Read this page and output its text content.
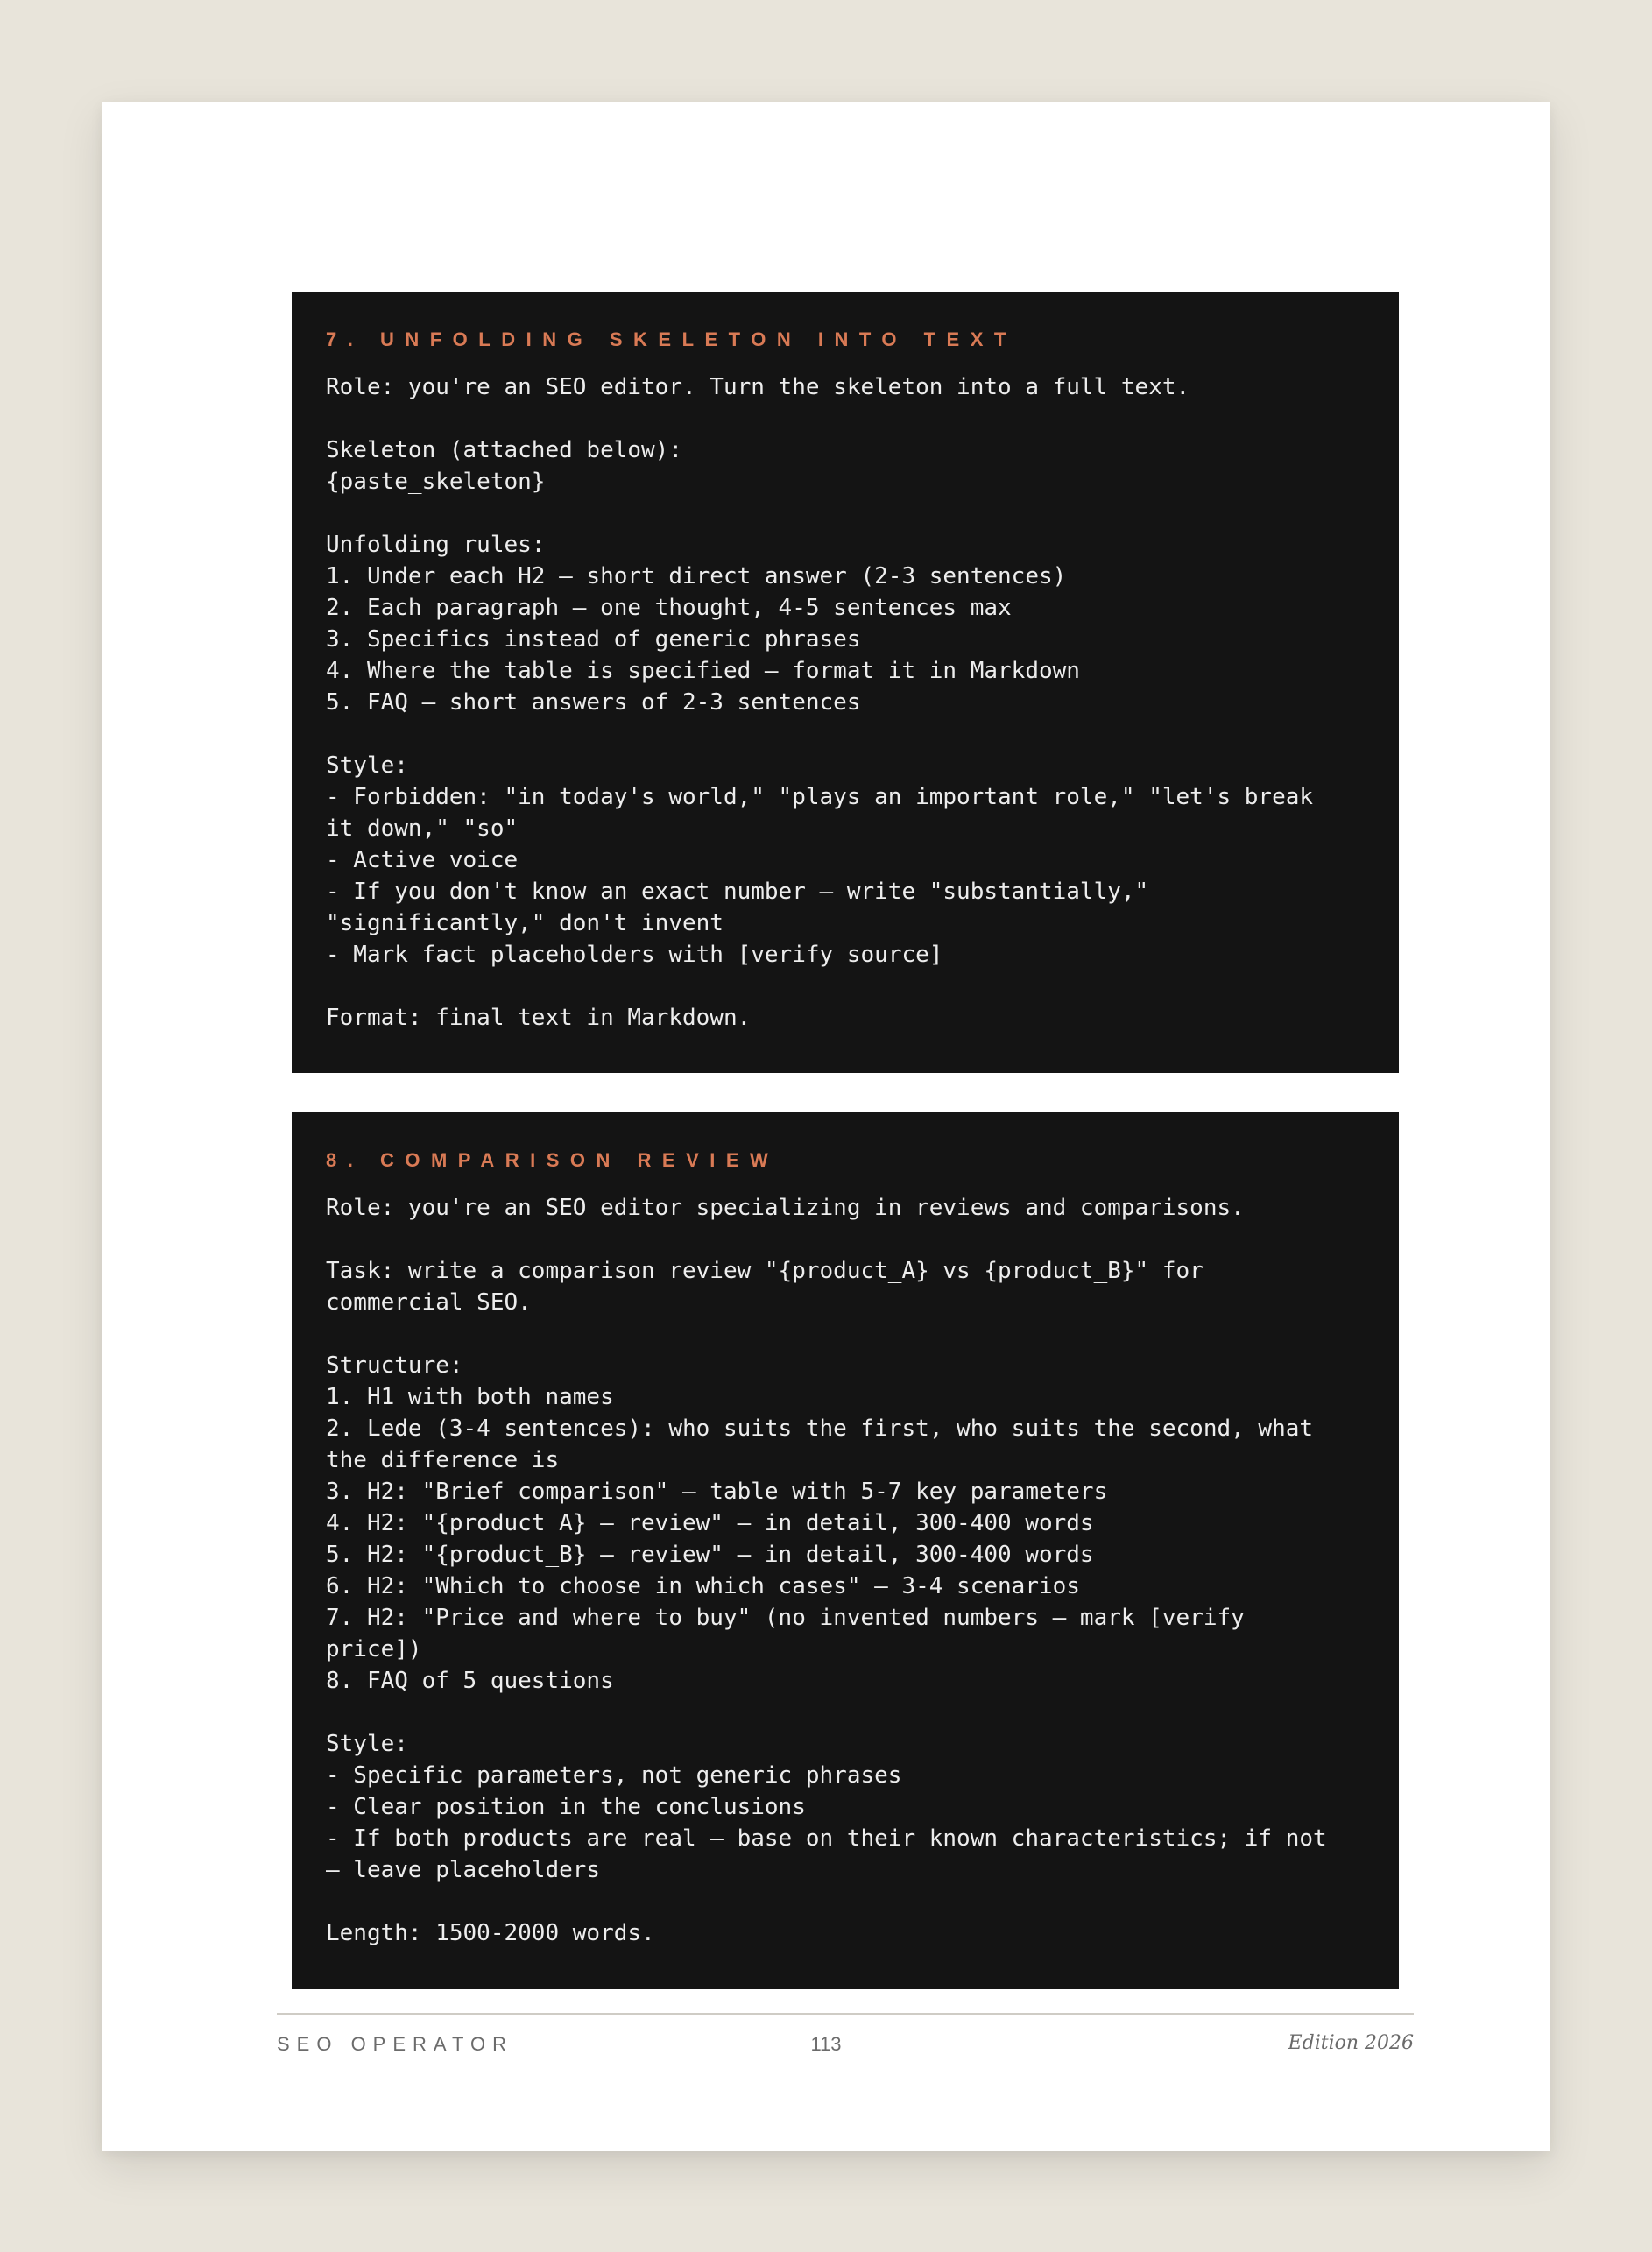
7. UNFOLDING SKELETON INTO TEXT
Role: you're an SEO editor. Turn the skeleton into a full text.

Skeleton (attached below):
{paste_skeleton}

Unfolding rules:
1. Under each H2 — short direct answer (2-3 sentences)
2. Each paragraph — one thought, 4-5 sentences max
3. Specifics instead of generic phrases
4. Where the table is specified — format it in Markdown
5. FAQ — short answers of 2-3 sentences

Style:
- Forbidden: "in today's world," "plays an important role," "let's break
it down," "so"
- Active voice
- If you don't know an exact number — write "substantially,"
"significantly," don't invent
- Mark fact placeholders with [verify source]

Format: final text in Markdown.
8. COMPARISON REVIEW
Role: you're an SEO editor specializing in reviews and comparisons.

Task: write a comparison review "{product_A} vs {product_B}" for
commercial SEO.

Structure:
1. H1 with both names
2. Lede (3-4 sentences): who suits the first, who suits the second, what
the difference is
3. H2: "Brief comparison" — table with 5-7 key parameters
4. H2: "{product_A} — review" — in detail, 300-400 words
5. H2: "{product_B} — review" — in detail, 300-400 words
6. H2: "Which to choose in which cases" — 3-4 scenarios
7. H2: "Price and where to buy" (no invented numbers — mark [verify
price])
8. FAQ of 5 questions

Style:
- Specific parameters, not generic phrases
- Clear position in the conclusions
- If both products are real — base on their known characteristics; if not
— leave placeholders

Length: 1500-2000 words.
SEO OPERATOR	113	Edition 2026
